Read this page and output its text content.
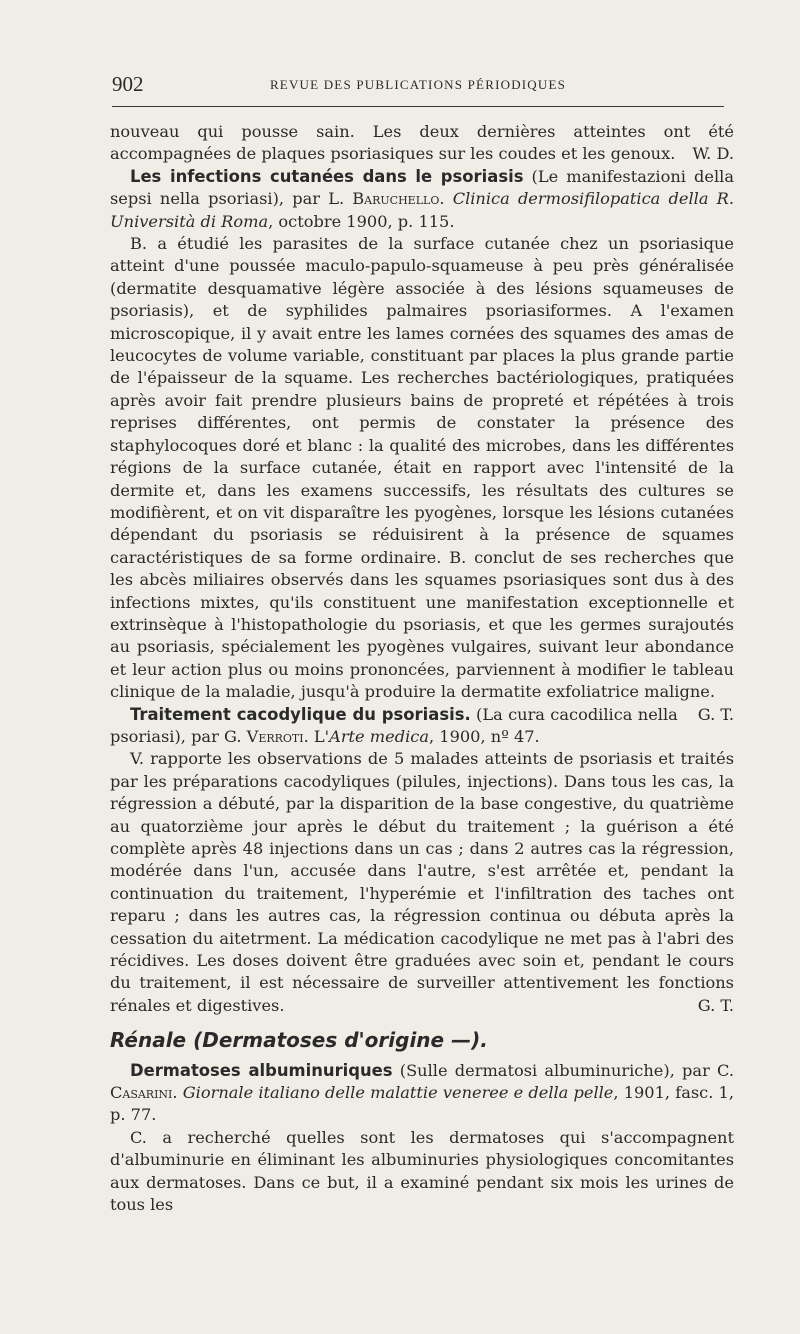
902	REVUE DES PUBLICATIONS PÉRIODIQUES

nouveau qui pousse sain. Les deux dernières atteintes ont été accompagnées de plaques psoriasiques sur les coudes et les genoux. W. D.

Les infections cutanées dans le psoriasis (Le manifestazioni della sepsi nella psoriasi), par L. Baruchello. Clinica dermosifilopatica della R. Università di Roma, octobre 1900, p. 115.

B. a étudié les parasites de la surface cutanée chez un psoriasique atteint d'une poussée maculo-papulo-squameuse à peu près généralisée (dermatite desquamative légère associée à des lésions squameuses de psoriasis), et de syphilides palmaires psoriasiformes. A l'examen microscopique, il y avait entre les lames cornées des squames des amas de leucocytes de volume variable, constituant par places la plus grande partie de l'épaisseur de la squame. Les recherches bactériologiques, pratiquées après avoir fait prendre plusieurs bains de propreté et répétées à trois reprises différentes, ont permis de constater la présence des staphylocoques doré et blanc : la qualité des microbes, dans les différentes régions de la surface cutanée, était en rapport avec l'intensité de la dermite et, dans les examens successifs, les résultats des cultures se modifièrent, et on vit disparaître les pyogènes, lorsque les lésions cutanées dépendant du psoriasis se réduisirent à la présence de squames caractéristiques de sa forme ordinaire. B. conclut de ses recherches que les abcès miliaires observés dans les squames psoriasiques sont dus à des infections mixtes, qu'ils constituent une manifestation exceptionnelle et extrinsèque à l'histopathologie du psoriasis, et que les germes surajoutés au psoriasis, spécialement les pyogènes vulgaires, suivant leur abondance et leur action plus ou moins prononcées, parviennent à modifier le tableau clinique de la maladie, jusqu'à produire la dermatite exfoliatrice maligne.
G. T.

Traitement cacodylique du psoriasis. (La cura cacodilica nella psoriasi), par G. Verroti. L'Arte medica, 1900, nº 47.

V. rapporte les observations de 5 malades atteints de psoriasis et traités par les préparations cacodyliques (pilules, injections). Dans tous les cas, la régression a débuté, par la disparition de la base congestive, du quatrième au quatorzième jour après le début du traitement ; la guérison a été complète après 48 injections dans un cas ; dans 2 autres cas la régression, modérée dans l'un, accusée dans l'autre, s'est arrêtée et, pendant la continuation du traitement, l'hyperémie et l'infiltration des taches ont reparu ; dans les autres cas, la régression continua ou débuta après la cessation du aitetrment. La médication cacodylique ne met pas à l'abri des récidives. Les doses doivent être graduées avec soin et, pendant le cours du traitement, il est nécessaire de surveiller attentivement les fonctions rénales et digestives.	G. T.

Rénale (Dermatoses d'origine —).

Dermatoses albuminuriques (Sulle dermatosi albuminuriche), par C. Casarini. Giornale italiano delle malattie veneree e della pelle, 1901, fasc. 1, p. 77.

C. a recherché quelles sont les dermatoses qui s'accompagnent d'albuminurie en éliminant les albuminuries physiologiques concomitantes aux dermatoses. Dans ce but, il a examiné pendant six mois les urines de tous les
